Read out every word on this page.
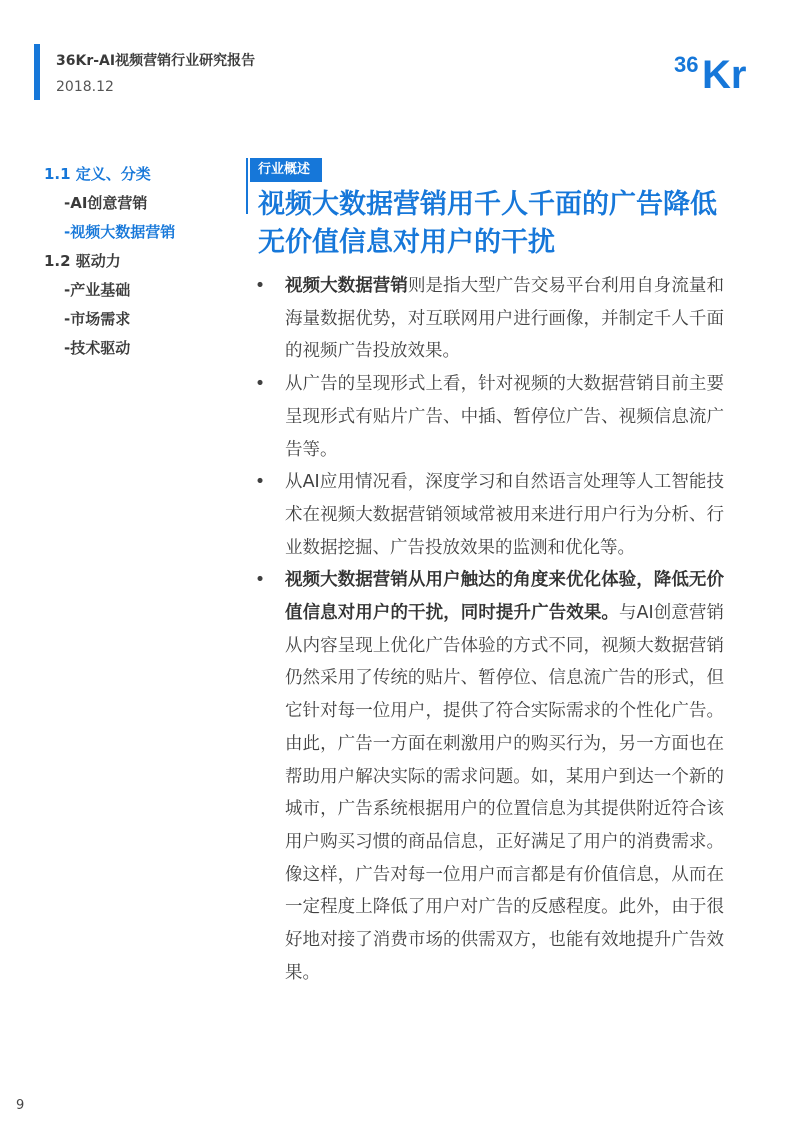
36Kr-AI视频营销行业研究报告
2018.12
36 Kr
1.1 定义、分类
-AI创意营销
-视频大数据营销
1.2 驱动力
-产业基础
-市场需求
-技术驱动
行业概述
视频大数据营销用千人千面的广告降低无价值信息对用户的干扰
• 视频大数据营销则是指大型广告交易平台利用自身流量和海量数据优势，对互联网用户进行画像，并制定千人千面的视频广告投放效果。
• 从广告的呈现形式上看，针对视频的大数据营销目前主要呈现形式有贴片广告、中插、暂停位广告、视频信息流广告等。
• 从AI应用情况看，深度学习和自然语言处理等人工智能技术在视频大数据营销领域常被用来进行用户行为分析、行业数据挖掘、广告投放效果的监测和优化等。
• 视频大数据营销从用户触达的角度来优化体验，降低无价值信息对用户的干扰，同时提升广告效果。与AI创意营销从内容呈现上优化广告体验的方式不同，视频大数据营销仍然采用了传统的贴片、暂停位、信息流广告的形式，但它针对每一位用户，提供了符合实际需求的个性化广告。由此，广告一方面在刺激用户的购买行为，另一方面也在帮助用户解决实际的需求问题。如，某用户到达一个新的城市，广告系统根据用户的位置信息为其提供附近符合该用户购买习惯的商品信息，正好满足了用户的消费需求。像这样，广告对每一位用户而言都是有价值信息，从而在一定程度上降低了用户对广告的反感程度。此外，由于很好地对接了消费市场的供需双方，也能有效地提升广告效果。
9
